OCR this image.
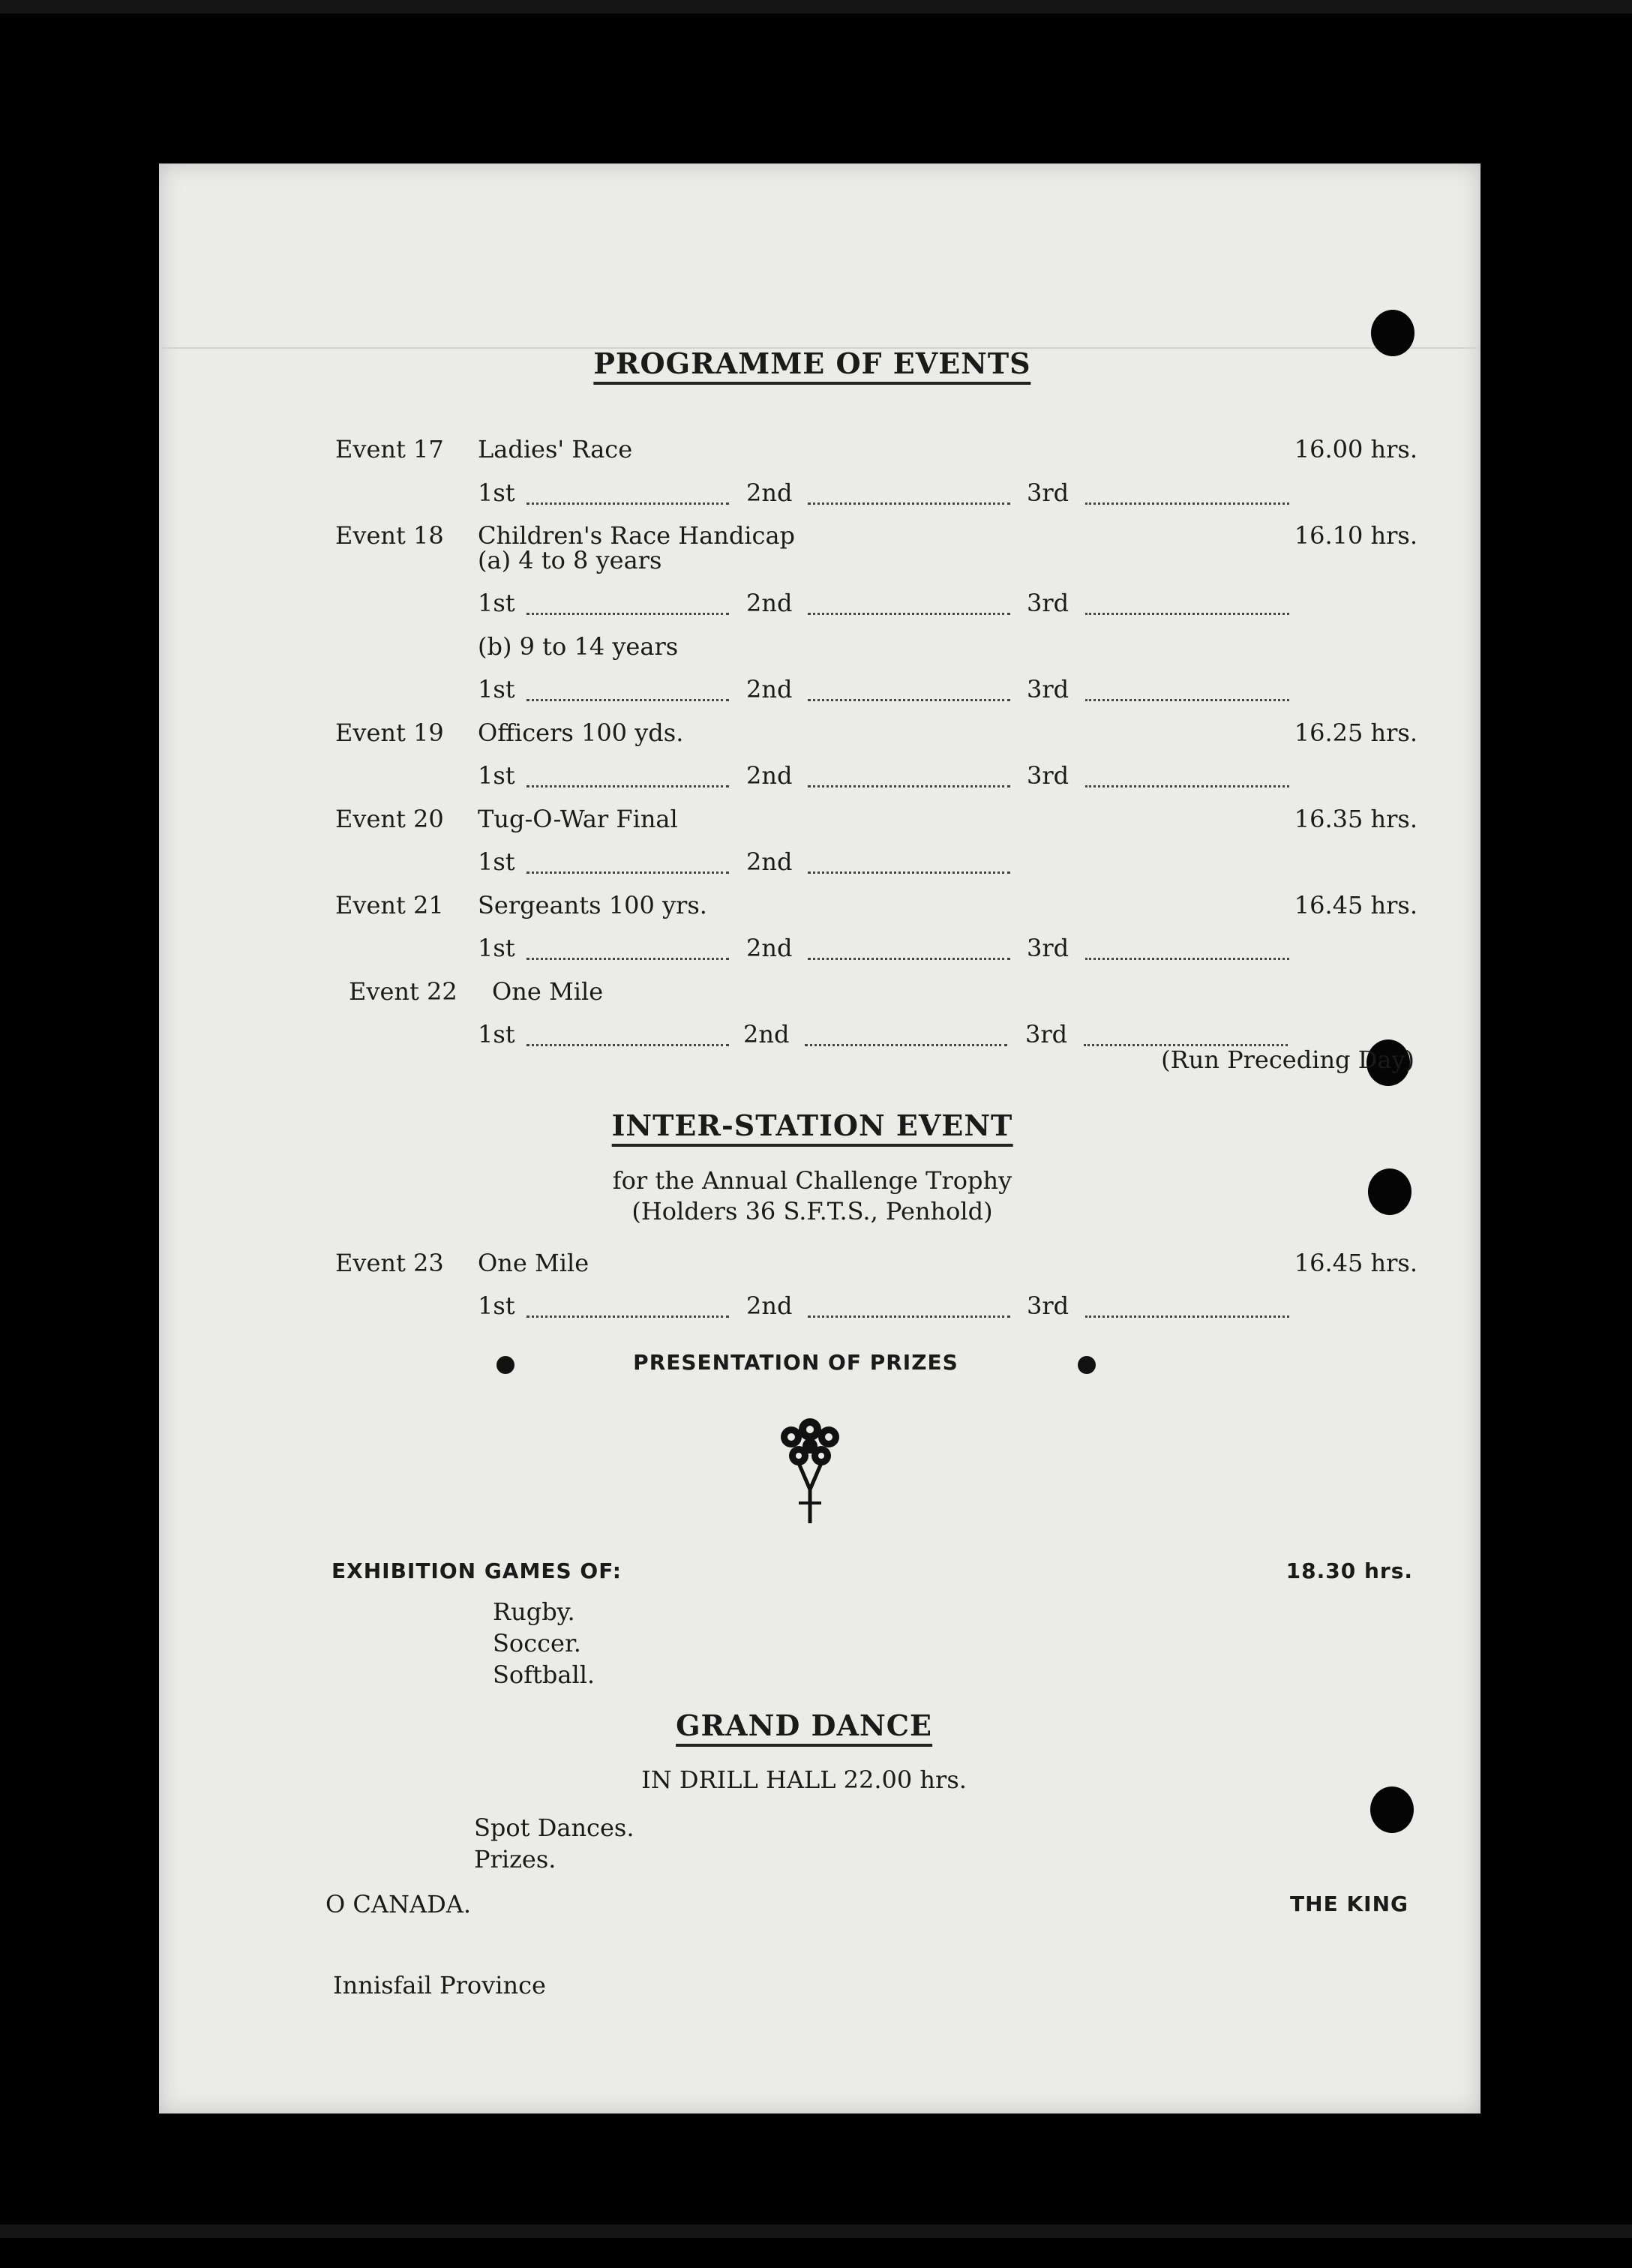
PROGRAMME OF EVENTS
Event 17 Ladies' Race	16.00 hrs.
1st	2nd	3rd
Event 18 Children's Race Handicap	16.10 hrs.
(a) 4 to 8 years
1st	2nd	3rd
(b) 9 to 14 years
1st	2nd	3rd
Event 19 Officers 100 yds.	16.25 hrs.
1st	2nd	3rd
Event 20 Tug-O-War Final	16.35 hrs.
1st	2nd
Event 21 Sergeants 100 yrs.	16.45 hrs.
1st	2nd	3rd
Event 22 One Mile
1st	2nd	3rd
(Run Preceding Day)
INTER-STATION EVENT
for the Annual Challenge Trophy
(Holders 36 S.F.T.S., Penhold)
Event 23 One Mile	16.45 hrs.
1st	2nd	3rd
PRESENTATION OF PRIZES
EXHIBITION GAMES OF:	18.30 hrs.
Rugby.
Soccer.
Softball.
GRAND DANCE
IN DRILL HALL 22.00 hrs.
Spot Dances.
Prizes.
O CANADA.	THE KING
Innisfail Province
